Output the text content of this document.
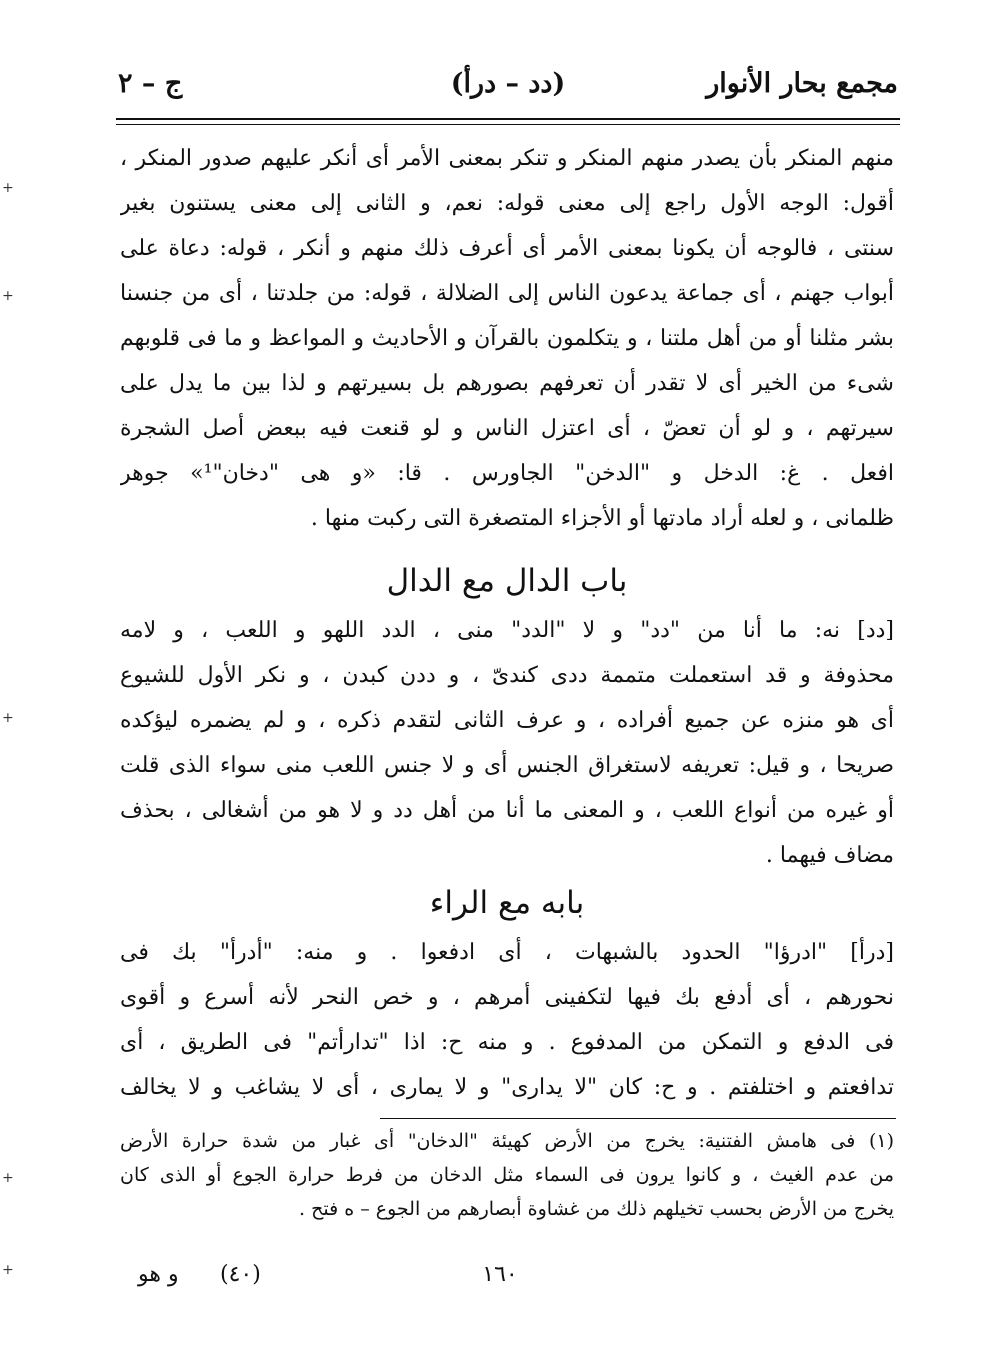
مجمع بحار الأنوار
(دد – درأ)
ج – ٢
منهم المنكر بأن يصدر منهم المنكر و تنكر بمعنى الأمر أى أنكر عليهم صدور المنكر ،
أقول: الوجه الأول راجع إلى معنى قوله: نعم، و الثانى إلى معنى يستنون بغير
سنتى ، فالوجه أن يكونا بمعنى الأمر أى أعرف ذلك منهم و أنكر ، قوله: دعاة على
أبواب جهنم ، أى جماعة يدعون الناس إلى الضلالة ، قوله: من جلدتنا ، أى من جنسنا
بشر مثلنا أو من أهل ملتنا ، و يتكلمون بالقرآن و الأحاديث و المواعظ و ما فى قلوبهم
شىء من الخير أى لا تقدر أن تعرفهم بصورهم بل بسيرتهم و لذا بين ما يدل على
سيرتهم ، و لو أن تعضّ ، أى اعتزل الناس و لو قنعت فيه ببعض أصل الشجرة
افعل . غ: الدخل و "الدخن" الجاورس . قا: «و هى "دخان"¹» جوهر
ظلمانى ، و لعله أراد مادتها أو الأجزاء المتصغرة التى ركبت منها .
باب الدال مع الدال
[دد] نه: ما أنا من "دد" و لا "الدد" منى ، الدد اللهو و اللعب ، و لامه
محذوفة و قد استعملت متممة ددى كندىّ ، و ددن كبدن ، و نكر الأول للشيوع
أى هو منزه عن جميع أفراده ، و عرف الثانى لتقدم ذكره ، و لم يضمره ليؤكده
صريحا ، و قيل: تعريفه لاستغراق الجنس أى و لا جنس اللعب منى سواء الذى قلت
أو غيره من أنواع اللعب ، و المعنى ما أنا من أهل دد و لا هو من أشغالى ، بحذف
مضاف فيهما .
بابه مع الراء
[درأ] "ادرؤا" الحدود بالشبهات ، أى ادفعوا . و منه: "أدرأ" بك فى
نحورهم ، أى أدفع بك فيها لتكفينى أمرهم ، و خص النحر لأنه أسرع و أقوى
فى الدفع و التمكن من المدفوع . و منه ح: اذا "تدارأتم" فى الطريق ، أى
تدافعتم و اختلفتم . و ح: كان "لا يدارى" و لا يمارى ، أى لا يشاغب و لا يخالف
(١) فى هامش الفتنية: يخرج من الأرض كهيئة "الدخان" أى غبار من شدة حرارة الأرض
من عدم الغيث ، و كانوا يرون فى السماء مثل الدخان من فرط حرارة الجوع أو الذى كان
يخرج من الأرض بحسب تخيلهم ذلك من غشاوة أبصارهم من الجوع – ه فتح .
١٦٠
(٤٠)
و هو
+
+
+
+
+
